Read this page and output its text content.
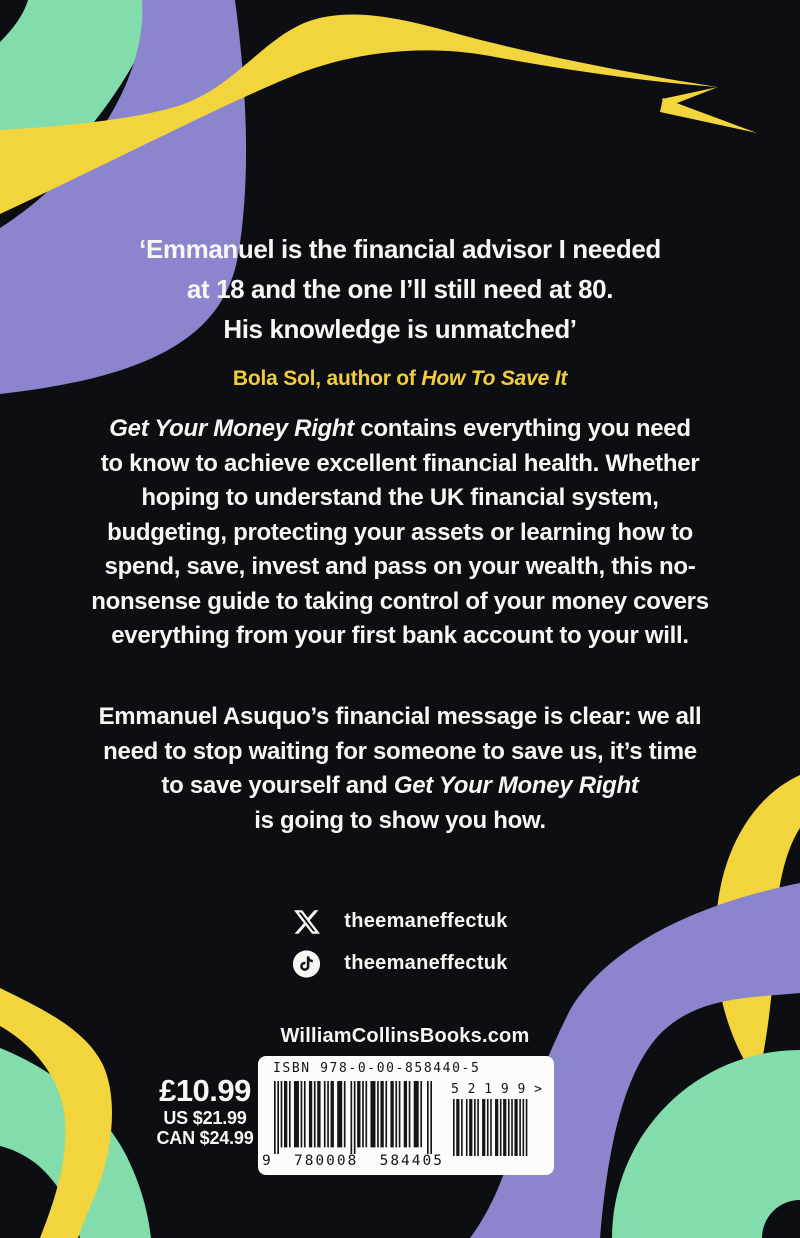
‘Emmanuel is the financial advisor I needed
at 18 and the one I’ll still need at 80.
His knowledge is unmatched’
Bola Sol, author of How To Save It
Get Your Money Right contains everything you need
to know to achieve excellent financial health. Whether
hoping to understand the UK financial system,
budgeting, protecting your assets or learning how to
spend, save, invest and pass on your wealth, this no-
nonsense guide to taking control of your money covers
everything from your first bank account to your will.
Emmanuel Asuquo’s financial message is clear: we all
need to stop waiting for someone to save us, it’s time
to save yourself and Get Your Money Right
is going to show you how.
theemaneffectuk
theemaneffectuk
WilliamCollinsBooks.com
£10.99
US $21.99
CAN $24.99
ISBN 978-0-00-858440-5
9 780008 584405
5 2 1 9 9 >
